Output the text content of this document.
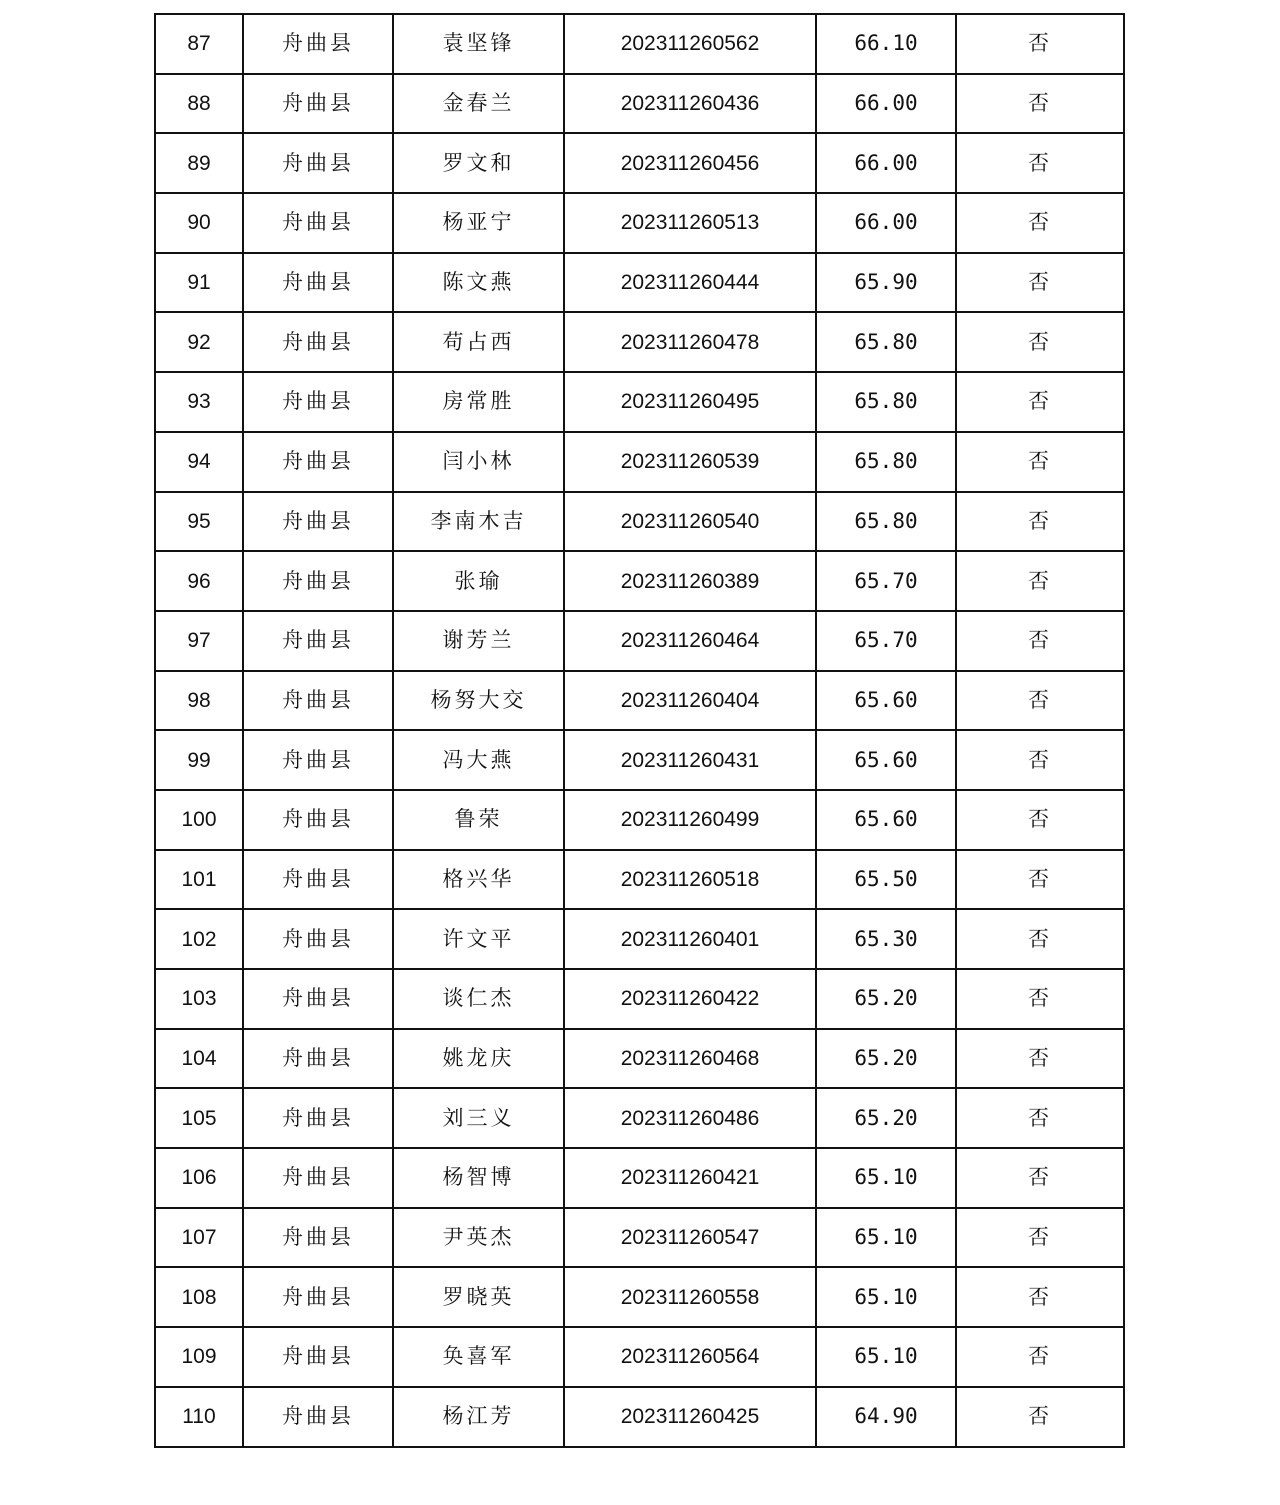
87	舟曲县	袁坚锋	202311260562	66.10	否
88	舟曲县	金春兰	202311260436	66.00	否
89	舟曲县	罗文和	202311260456	66.00	否
90	舟曲县	杨亚宁	202311260513	66.00	否
91	舟曲县	陈文燕	202311260444	65.90	否
92	舟曲县	苟占西	202311260478	65.80	否
93	舟曲县	房常胜	202311260495	65.80	否
94	舟曲县	闫小林	202311260539	65.80	否
95	舟曲县	李南木吉	202311260540	65.80	否
96	舟曲县	张瑜	202311260389	65.70	否
97	舟曲县	谢芳兰	202311260464	65.70	否
98	舟曲县	杨努大交	202311260404	65.60	否
99	舟曲县	冯大燕	202311260431	65.60	否
100	舟曲县	鲁荣	202311260499	65.60	否
101	舟曲县	格兴华	202311260518	65.50	否
102	舟曲县	许文平	202311260401	65.30	否
103	舟曲县	谈仁杰	202311260422	65.20	否
104	舟曲县	姚龙庆	202311260468	65.20	否
105	舟曲县	刘三义	202311260486	65.20	否
106	舟曲县	杨智博	202311260421	65.10	否
107	舟曲县	尹英杰	202311260547	65.10	否
108	舟曲县	罗晓英	202311260558	65.10	否
109	舟曲县	奂喜军	202311260564	65.10	否
110	舟曲县	杨江芳	202311260425	64.90	否
